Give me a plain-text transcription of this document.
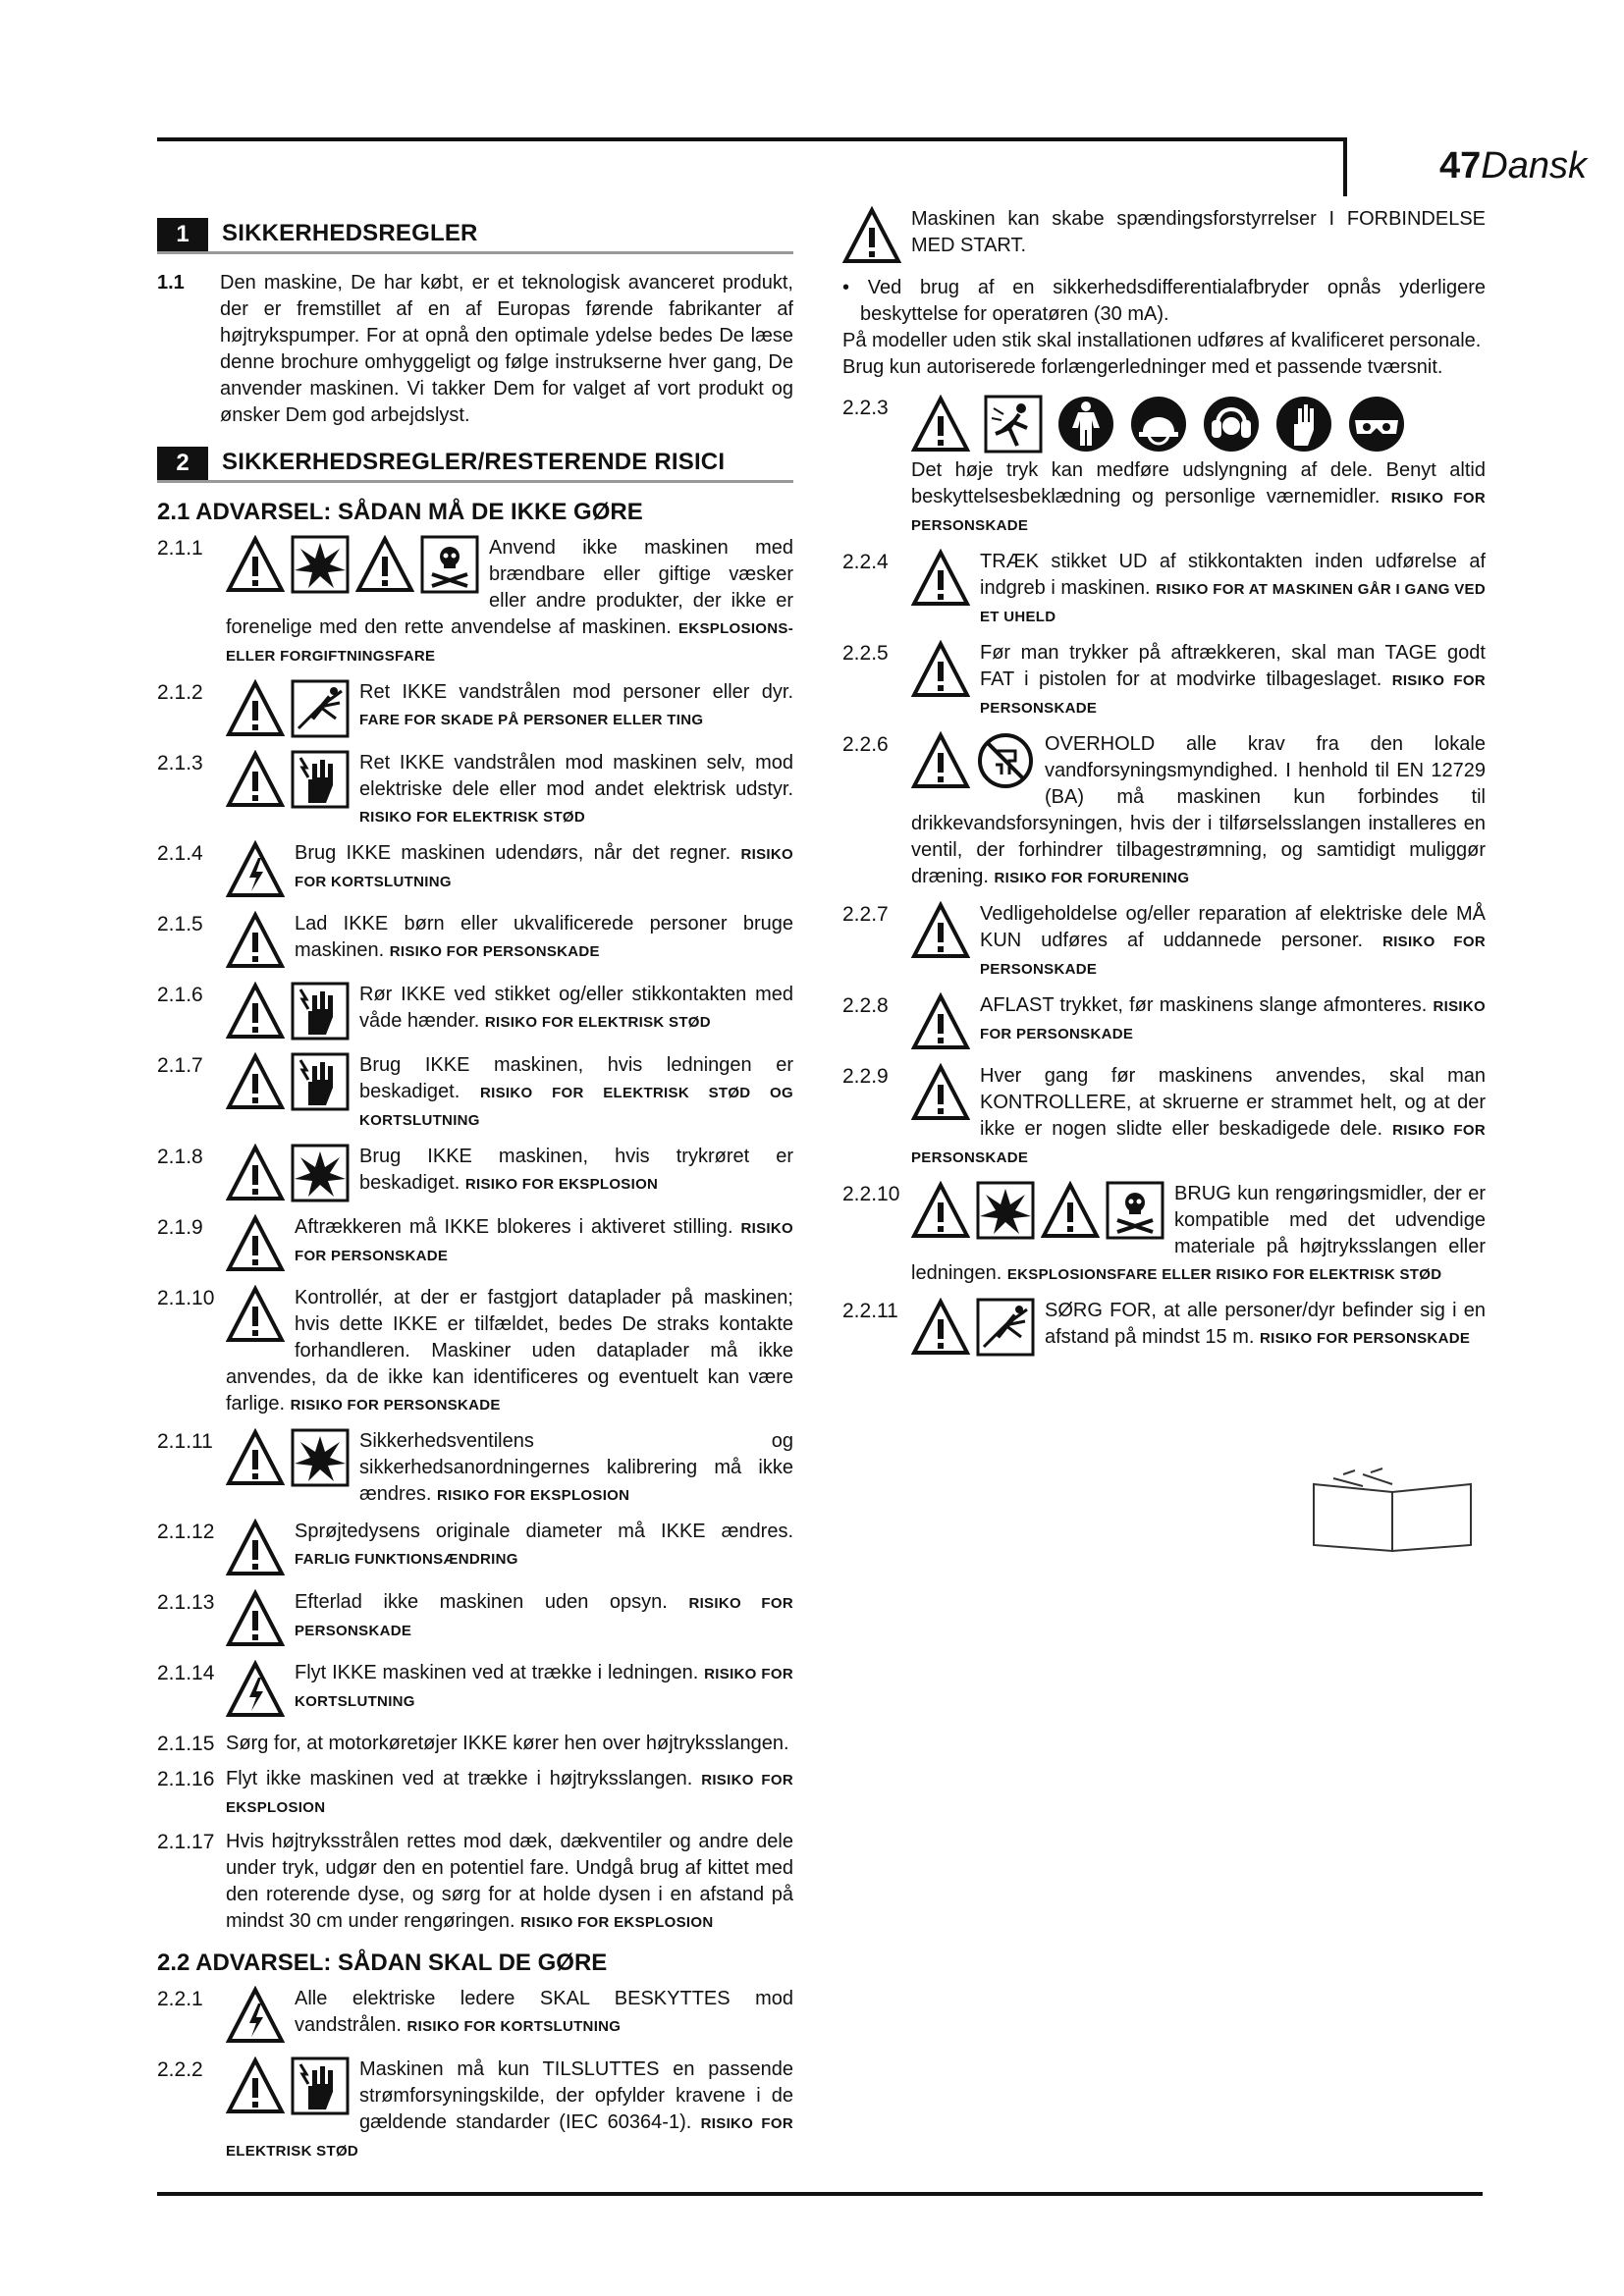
47Dansk
1	SIKKERHEDSREGLER
1.1	Den maskine, De har købt, er et teknologisk avanceret produkt, der er fremstillet af en af Europas førende fabrikanter af højtrykspumper. For at opnå den optimale ydelse bedes De læse denne brochure omhyggeligt og følge instrukserne hver gang, De anvender maskinen. Vi takker Dem for valget af vort produkt og ønsker Dem god arbejdslyst.
2	SIKKERHEDSREGLER/RESTERENDE RISICI
2.1 ADVARSEL: SÅDAN MÅ DE IKKE GØRE
2.1.1	Anvend ikke maskinen med brændbare eller giftige væsker eller andre produkter, der ikke er forenelige med den rette anvendelse af maskinen. EKSPLOSIONS- ELLER FORGIFTNINGSFARE
2.1.2	Ret IKKE vandstrålen mod personer eller dyr. FARE FOR SKADE PÅ PERSONER ELLER TING
2.1.3	Ret IKKE vandstrålen mod maskinen selv, mod elektriske dele eller mod andet elektrisk udstyr. RISIKO FOR ELEKTRISK STØD
2.1.4	Brug IKKE maskinen udendørs, når det regner. RISIKO FOR KORTSLUTNING
2.1.5	Lad IKKE børn eller ukvalificerede personer bruge maskinen. RISIKO FOR PERSONSKADE
2.1.6	Rør IKKE ved stikket og/eller stikkontakten med våde hænder. RISIKO FOR ELEKTRISK STØD
2.1.7	Brug IKKE maskinen, hvis ledningen er beskadiget. RISIKO FOR ELEKTRISK STØD OG KORTSLUTNING
2.1.8	Brug IKKE maskinen, hvis trykrøret er beskadiget. RISIKO FOR EKSPLOSION
2.1.9	Aftrækkeren må IKKE blokeres i aktiveret stilling. RISIKO FOR PERSONSKADE
2.1.10	Kontrollér, at der er fastgjort dataplader på maskinen; hvis dette IKKE er tilfældet, bedes De straks kontakte forhandleren. Maskiner uden dataplader må ikke anvendes, da de ikke kan identificeres og eventuelt kan være farlige. RISIKO FOR PERSONSKADE
2.1.11	Sikkerhedsventilens og sikkerhedsanordningernes kalibrering må ikke ændres. RISIKO FOR EKSPLOSION
2.1.12	Sprøjtedysens originale diameter må IKKE ændres. FARLIG FUNKTIONSÆNDRING
2.1.13	Efterlad ikke maskinen uden opsyn. RISIKO FOR PERSONSKADE
2.1.14	Flyt IKKE maskinen ved at trække i ledningen. RISIKO FOR KORTSLUTNING
2.1.15 Sørg for, at motorkøretøjer IKKE kører hen over højtryksslangen.
2.1.16 Flyt ikke maskinen ved at trække i højtryksslangen. RISIKO FOR EKSPLOSION
2.1.17 Hvis højtryksstrålen rettes mod dæk, dækventiler og andre dele under tryk, udgør den en potentiel fare. Undgå brug af kittet med den roterende dyse, og sørg for at holde dysen i en afstand på mindst 30 cm under rengøringen. RISIKO FOR EKSPLOSION
2.2 ADVARSEL: SÅDAN SKAL DE GØRE
2.2.1	Alle elektriske ledere SKAL BESKYTTES mod vandstrålen. RISIKO FOR KORTSLUTNING
2.2.2	Maskinen må kun TILSLUTTES en passende strømforsyningskilde, der opfylder kravene i de gældende standarder (IEC 60364-1). RISIKO FOR ELEKTRISK STØD
Maskinen kan skabe spændingsforstyrrelser I FORBINDELSE MED START.
• Ved brug af en sikkerhedsdifferentialafbryder opnås yderligere beskyttelse for operatøren (30 mA).
På modeller uden stik skal installationen udføres af kvalificeret personale.
Brug kun autoriserede forlængerledninger med et passende tværsnit.
2.2.3
Det høje tryk kan medføre udslyngning af dele. Benyt altid beskyttelsesbeklædning og personlige værnemidler. RISIKO FOR PERSONSKADE
2.2.4	TRÆK stikket UD af stikkontakten inden udførelse af indgreb i maskinen. RISIKO FOR AT MASKINEN GÅR I GANG VED ET UHELD
2.2.5	Før man trykker på aftrækkeren, skal man TAGE godt FAT i pistolen for at modvirke tilbageslaget. RISIKO FOR PERSONSKADE
2.2.6	OVERHOLD alle krav fra den lokale vandforsyningsmyndighed. I henhold til EN 12729 (BA) må maskinen kun forbindes til drikkevandsforsyningen, hvis der i tilførselsslangen installeres en ventil, der forhindrer tilbagestrømning, og samtidigt muliggør dræning. RISIKO FOR FORURENING
2.2.7	Vedligeholdelse og/eller reparation af elektriske dele MÅ KUN udføres af uddannede personer. RISIKO FOR PERSONSKADE
2.2.8	AFLAST trykket, før maskinens slange afmonteres. RISIKO FOR PERSONSKADE
2.2.9	Hver gang før maskinens anvendes, skal man KONTROLLERE, at skruerne er strammet helt, og at der ikke er nogen slidte eller beskadigede dele. RISIKO FOR PERSONSKADE
2.2.10	BRUG kun rengøringsmidler, der er kompatible med det udvendige materiale på højtryksslangen eller ledningen. EKSPLOSIONSFARE ELLER RISIKO FOR ELEKTRISK STØD
2.2.11	SØRG FOR, at alle personer/dyr befinder sig i en afstand på mindst 15 m. RISIKO FOR PERSONSKADE
